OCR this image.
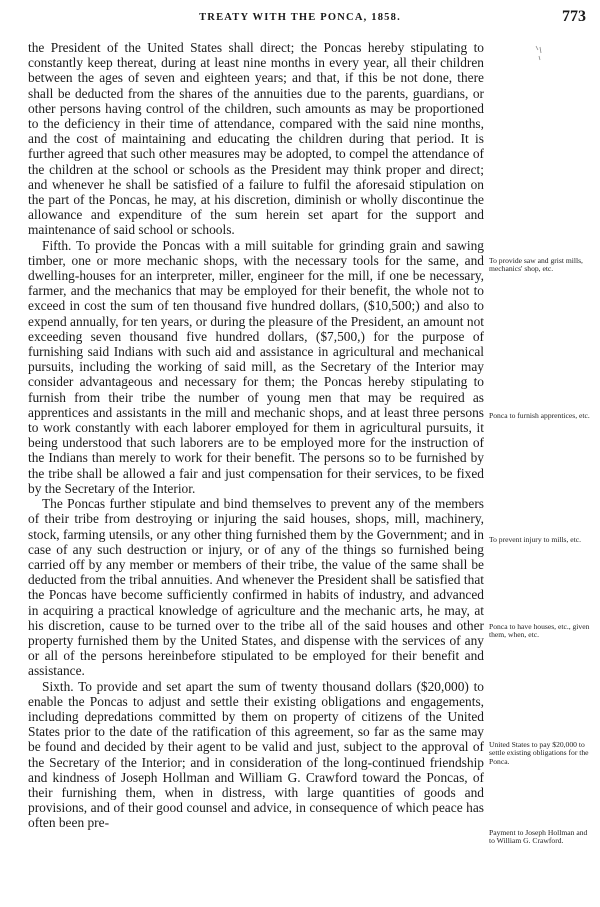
TREATY WITH THE PONCA, 1858.	773

the President of the United States shall direct; the Poncas hereby stipulating to constantly keep thereat, during at least nine months in every year, all their children between the ages of seven and eighteen years; and that, if this be not done, there shall be deducted from the shares of the annuities due to the parents, guardians, or other persons having control of the children, such amounts as may be proportioned to the deficiency in their time of attendance, compared with the said nine months, and the cost of maintaining and educating the children during that period. It is further agreed that such other measures may be adopted, to compel the attendance of the children at the school or schools as the President may think proper and direct; and whenever he shall be satisfied of a failure to fulfil the aforesaid stipulation on the part of the Poncas, he may, at his discretion, diminish or wholly discontinue the allowance and expenditure of the sum herein set apart for the support and maintenance of said school or schools.

Fifth. To provide the Poncas with a mill suitable for grinding grain and sawing timber, one or more mechanic shops, with the necessary tools for the same, and dwelling-houses for an interpreter, miller, engineer for the mill, if one be necessary, farmer, and the mechanics that may be employed for their benefit, the whole not to exceed in cost the sum of ten thousand five hundred dollars, ($10,500;) and also to expend annually, for ten years, or during the pleasure of the President, an amount not exceeding seven thousand five hundred dollars, ($7,500,) for the purpose of furnishing said Indians with such aid and assistance in agricultural and mechanical pursuits, including the working of said mill, as the Secretary of the Interior may consider advantageous and necessary for them; the Poncas hereby stipulating to furnish from their tribe the number of young men that may be required as apprentices and assistants in the mill and mechanic shops, and at least three persons to work constantly with each laborer employed for them in agricultural pursuits, it being understood that such laborers are to be employed more for the instruction of the Indians than merely to work for their benefit. The persons so to be furnished by the tribe shall be allowed a fair and just compensation for their services, to be fixed by the Secretary of the Interior.

The Poncas further stipulate and bind themselves to prevent any of the members of their tribe from destroying or injuring the said houses, shops, mill, machinery, stock, farming utensils, or any other thing furnished them by the Government; and in case of any such destruction or injury, or of any of the things so furnished being carried off by any member or members of their tribe, the value of the same shall be deducted from the tribal annuities. And whenever the President shall be satisfied that the Poncas have become sufficiently confirmed in habits of industry, and advanced in acquiring a practical knowledge of agriculture and the mechanic arts, he may, at his discretion, cause to be turned over to the tribe all of the said houses and other property furnished them by the United States, and dispense with the services of any or all of the persons hereinbefore stipulated to be employed for their benefit and assistance.

Sixth. To provide and set apart the sum of twenty thousand dollars ($20,000) to enable the Poncas to adjust and settle their existing obligations and engagements, including depredations committed by them on property of citizens of the United States prior to the date of the ratification of this agreement, so far as the same may be found and decided by their agent to be valid and just, subject to the approval of the Secretary of the Interior; and in consideration of the long-continued friendship and kindness of Joseph Hollman and William G. Crawford toward the Poncas, of their furnishing them, when in distress, with large quantities of goods and provisions, and of their good counsel and advice, in consequence of which peace has often been pre-

To provide saw and grist mills, mechanics' shop, etc.
Ponca to furnish apprentices, etc.
To prevent injury to mills, etc.
Ponca to have houses, etc., given them, when, etc.
United States to pay $20,000 to settle existing obligations for the Ponca.
Payment to Joseph Hollman and to William G. Crawford.
